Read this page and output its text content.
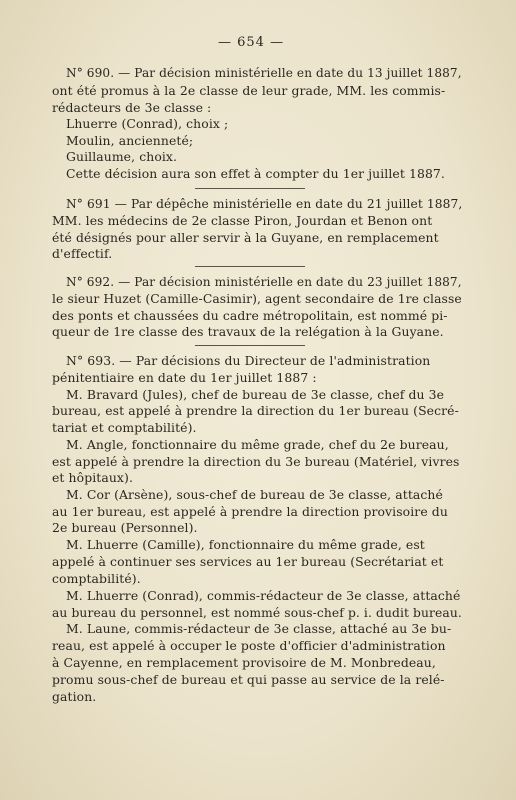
— 654 —
N° 690. — Par décision ministérielle en date du 13 juillet 1887,
ont été promus à la 2e classe de leur grade, MM. les commis-
rédacteurs de 3e classe :
Lhuerre (Conrad), choix ;
Moulin, ancienneté;
Guillaume, choix.
Cette décision aura son effet à compter du 1er juillet 1887.
N° 691 — Par dépêche ministérielle en date du 21 juillet 1887,
MM. les médecins de 2e classe Piron, Jourdan et Benon ont
été désignés pour aller servir à la Guyane, en remplacement
d'effectif.
N° 692. — Par décision ministérielle en date du 23 juillet 1887,
le sieur Huzet (Camille-Casimir), agent secondaire de 1re classe
des ponts et chaussées du cadre métropolitain, est nommé pi-
queur de 1re classe des travaux de la relégation à la Guyane.
N° 693. — Par décisions du Directeur de l'administration
pénitentiaire en date du 1er juillet 1887 :
M. Bravard (Jules), chef de bureau de 3e classe, chef du 3e
bureau, est appelé à prendre la direction du 1er bureau (Secré-
tariat et comptabilité).
M. Angle, fonctionnaire du même grade, chef du 2e bureau,
est appelé à prendre la direction du 3e bureau (Matériel, vivres
et hôpitaux).
M. Cor (Arsène), sous-chef de bureau de 3e classe, attaché
au 1er bureau, est appelé à prendre la direction provisoire du
2e bureau (Personnel).
M. Lhuerre (Camille), fonctionnaire du même grade, est
appelé à continuer ses services au 1er bureau (Secrétariat et
comptabilité).
M. Lhuerre (Conrad), commis-rédacteur de 3e classe, attaché
au bureau du personnel, est nommé sous-chef p. i. dudit bureau.
M. Laune, commis-rédacteur de 3e classe, attaché au 3e bu-
reau, est appelé à occuper le poste d'officier d'administration
à Cayenne, en remplacement provisoire de M. Monbredeau,
promu sous-chef de bureau et qui passe au service de la relé-
gation.
